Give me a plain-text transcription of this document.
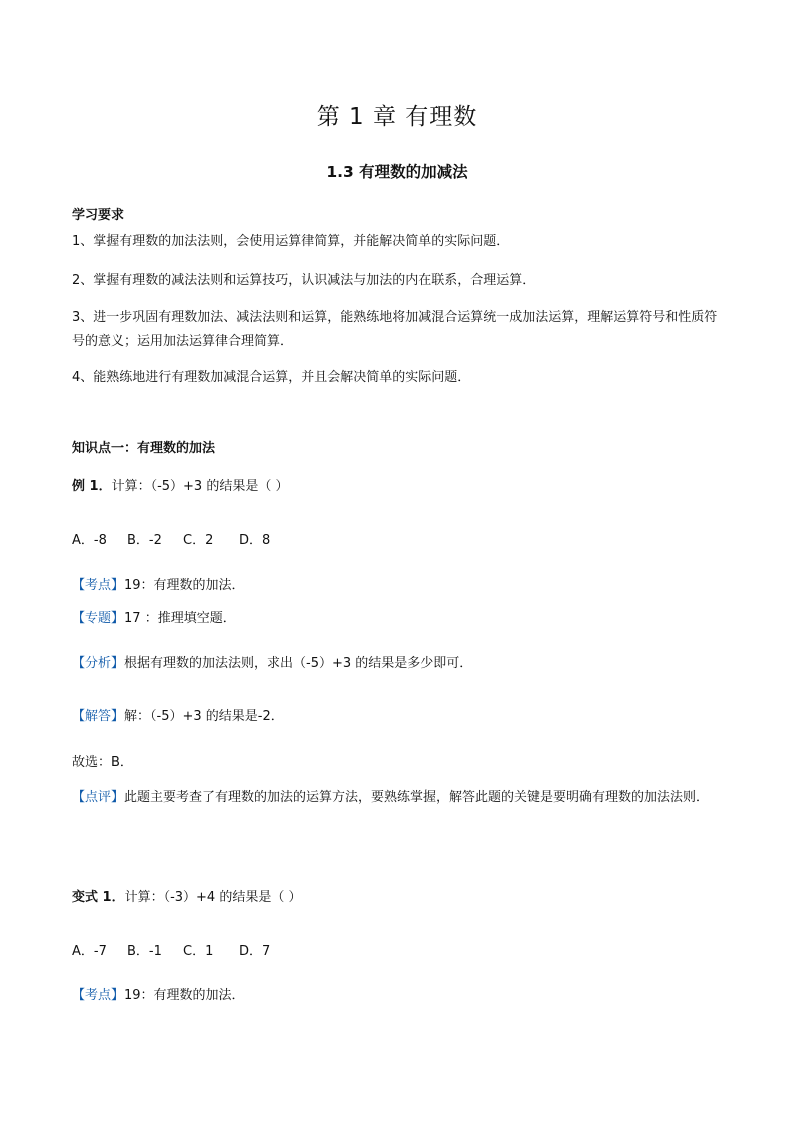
第 1 章 有理数
1.3 有理数的加减法
学习要求
1、掌握有理数的加法法则，会使用运算律简算，并能解决简单的实际问题．
2、掌握有理数的减法法则和运算技巧，认识减法与加法的内在联系，合理运算．
3、进一步巩固有理数加法、减法法则和运算，能熟练地将加减混合运算统一成加法运算，理解运算符号和性质符号的意义；运用加法运算律合理简算．
4、能熟练地进行有理数加减混合运算，并且会解决简单的实际问题．
知识点一：有理数的加法
例 1．计算：（-5）+3 的结果是（ ）
A．-8 B．-2 C．2 D．8
【考点】19：有理数的加法．
【专题】17 ：推理填空题．
【分析】根据有理数的加法法则，求出（-5）+3 的结果是多少即可．
【解答】解：（-5）+3 的结果是-2．
故选：B．
【点评】此题主要考查了有理数的加法的运算方法，要熟练掌握，解答此题的关键是要明确有理数的加法法则．
变式 1．计算：（-3）+4 的结果是（ ）
A．-7 B．-1 C．1 D．7
【考点】19：有理数的加法．
